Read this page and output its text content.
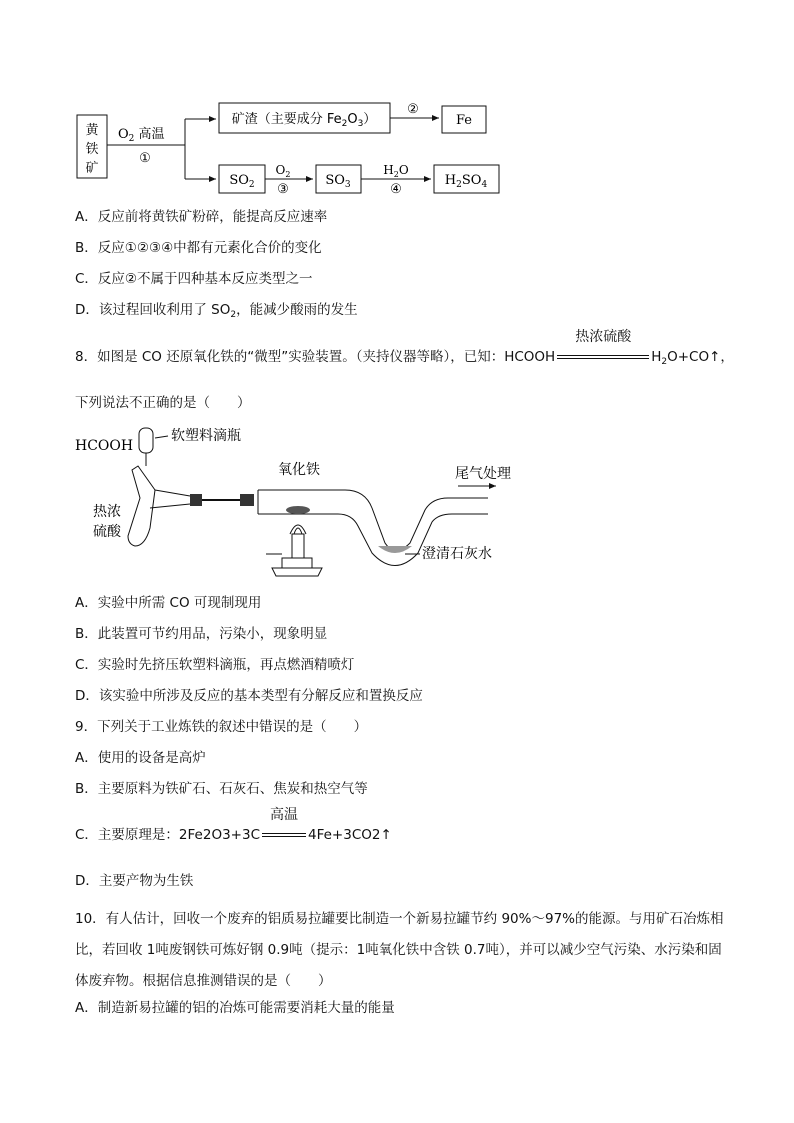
黄
铁
矿
$O_2$ 高温
①
矿渣（主要成分 $Fe_2O_3$）
②
Fe
$SO_2$
$O_2$
③
$SO_3$
$H_2O$
④
$H_2SO_4$
A．反应前将黄铁矿粉碎，能提高反应速率
B．反应①②③④中都有元素化合价的变化
C．反应②不属于四种基本反应类型之一
D．该过程回收利用了 $SO_2$，能减少酸雨的发生
8．如图是 CO 还原氧化铁的“微型”实验装置。（夹持仪器等略），已知：HCOOH
热浓硫酸
$H_2O+CO↑$，
下列说法不正确的是（　　）
HCOOH
软塑料滴瓶
热浓
硫酸
氧化铁
澄清石灰水
尾气处理
A．实验中所需 CO 可现制现用
B．此装置可节约用品，污染小，现象明显
C．实验时先挤压软塑料滴瓶，再点燃酒精喷灯
D．该实验中所涉及反应的基本类型有分解反应和置换反应
9．下列关于工业炼铁的叙述中错误的是（　　）
A．使用的设备是高炉
B．主要原料为铁矿石、石灰石、焦炭和热空气等
C．主要原理是：2Fe2O3+3C
高温
4Fe+3CO2↑
D．主要产物为生铁
10．有人估计，回收一个废弃的铝质易拉罐要比制造一个新易拉罐节约 90%～97%的能源。与用矿石冶炼相比，若回收 1吨废钢铁可炼好钢 0.9吨（提示：1吨氧化铁中含铁 0.7吨），并可以减少空气污染、水污染和固体废弃物。根据信息推测错误的是（　　）
A．制造新易拉罐的铝的冶炼可能需要消耗大量的能量
